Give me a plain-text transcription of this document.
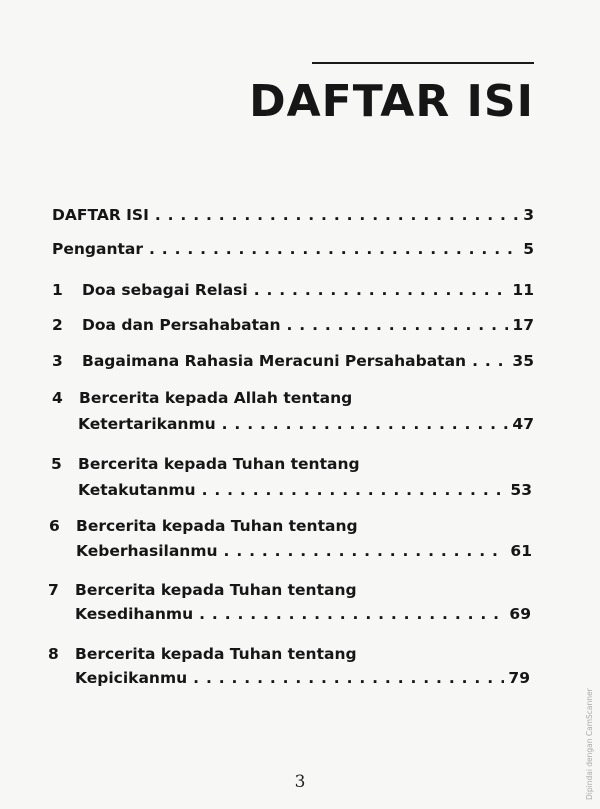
DAFTAR ISI
DAFTAR ISI . . .	3
Pengantar . . .	5
1	Doa sebagai Relasi . . .	11
2	Doa dan Persahabatan . . .	17
3	Bagaimana Rahasia Meracuni Persahabatan . . .	35
4 Bercerita kepada Allah tentang
Ketertarikanmu . . .	47
5 Bercerita kepada Tuhan tentang
Ketakutanmu . . .	53
6 Bercerita kepada Tuhan tentang
Keberhasilanmu . . .	61
7 Bercerita kepada Tuhan tentang
Kesedihanmu . . .	69
8 Bercerita kepada Tuhan tentang
Kepicikanmu . . .	79
3	Dipindai dengan CamScanner
